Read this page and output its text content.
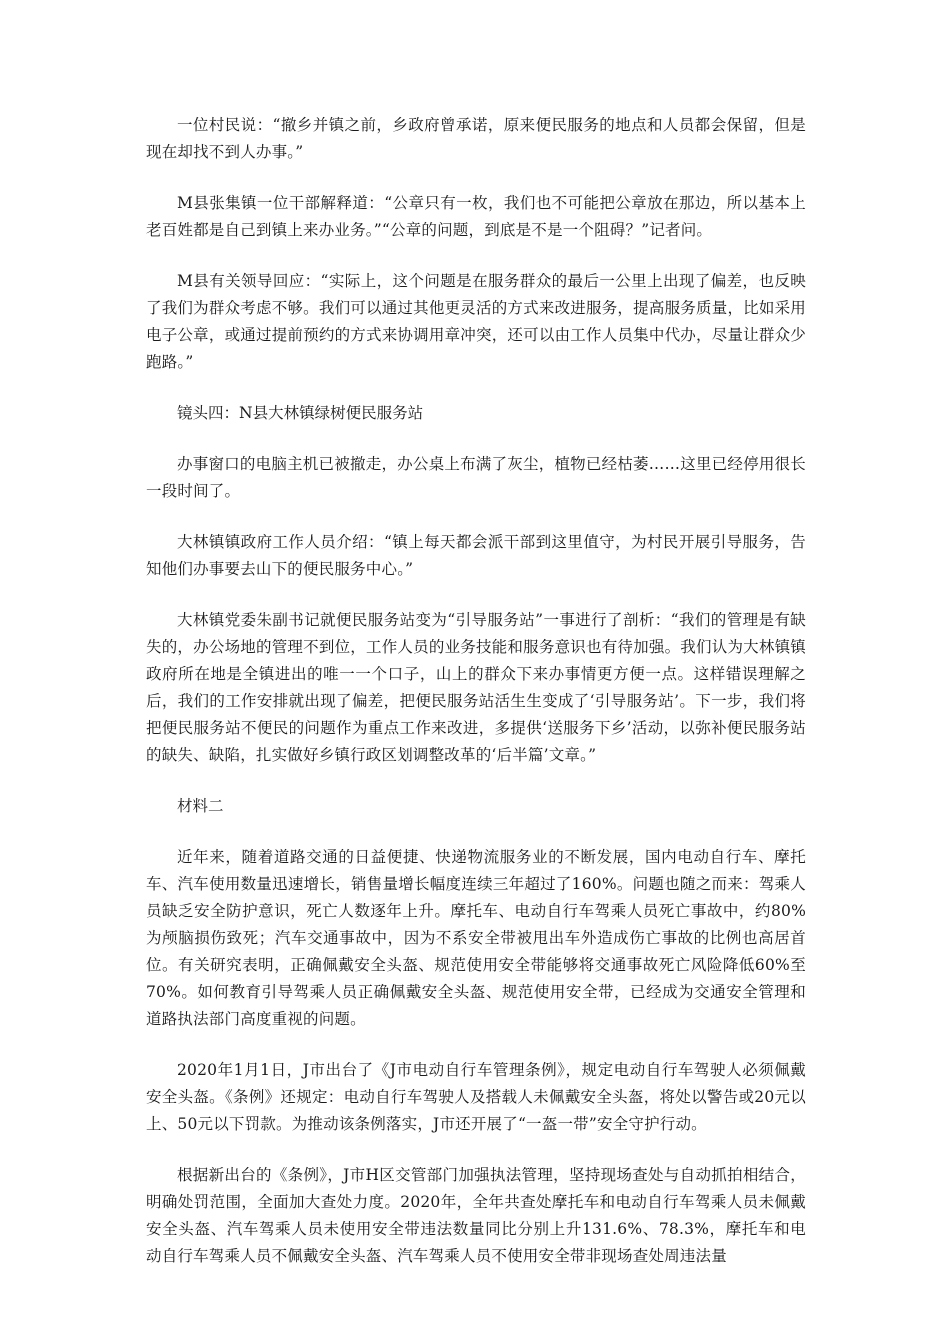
一位村民说：“撤乡并镇之前，乡政府曾承诺，原来便民服务的地点和人员都会保留，但是现在却找不到人办事。”

M县张集镇一位干部解释道：“公章只有一枚，我们也不可能把公章放在那边，所以基本上老百姓都是自己到镇上来办业务。”“公章的问题，到底是不是一个阻碍？”记者问。

M县有关领导回应：“实际上，这个问题是在服务群众的最后一公里上出现了偏差，也反映了我们为群众考虑不够。我们可以通过其他更灵活的方式来改进服务，提高服务质量，比如采用电子公章，或通过提前预约的方式来协调用章冲突，还可以由工作人员集中代办，尽量让群众少跑路。”

镜头四：N县大林镇绿树便民服务站

办事窗口的电脑主机已被撤走，办公桌上布满了灰尘，植物已经枯萎……这里已经停用很长一段时间了。

大林镇镇政府工作人员介绍：“镇上每天都会派干部到这里值守，为村民开展引导服务，告知他们办事要去山下的便民服务中心。”

大林镇党委朱副书记就便民服务站变为“引导服务站”一事进行了剖析：“我们的管理是有缺失的，办公场地的管理不到位，工作人员的业务技能和服务意识也有待加强。我们认为大林镇镇政府所在地是全镇进出的唯一一个口子，山上的群众下来办事情更方便一点。这样错误理解之后，我们的工作安排就出现了偏差，把便民服务站活生生变成了‘引导服务站’。下一步，我们将把便民服务站不便民的问题作为重点工作来改进，多提供‘送服务下乡’活动，以弥补便民服务站的缺失、缺陷，扎实做好乡镇行政区划调整改革的‘后半篇’文章。”

材料二

近年来，随着道路交通的日益便捷、快递物流服务业的不断发展，国内电动自行车、摩托车、汽车使用数量迅速增长，销售量增长幅度连续三年超过了160%。问题也随之而来：驾乘人员缺乏安全防护意识，死亡人数逐年上升。摩托车、电动自行车驾乘人员死亡事故中，约80%为颅脑损伤致死；汽车交通事故中，因为不系安全带被甩出车外造成伤亡事故的比例也高居首位。有关研究表明，正确佩戴安全头盔、规范使用安全带能够将交通事故死亡风险降低60%至70%。如何教育引导驾乘人员正确佩戴安全头盔、规范使用安全带，已经成为交通安全管理和道路执法部门高度重视的问题。

2020年1月1日，J市出台了《J市电动自行车管理条例》，规定电动自行车驾驶人必须佩戴安全头盔。《条例》还规定：电动自行车驾驶人及搭载人未佩戴安全头盔，将处以警告或20元以上、50元以下罚款。为推动该条例落实，J市还开展了“一盔一带”安全守护行动。

根据新出台的《条例》，J市H区交管部门加强执法管理，坚持现场查处与自动抓拍相结合，明确处罚范围，全面加大查处力度。2020年，全年共查处摩托车和电动自行车驾乘人员未佩戴安全头盔、汽车驾乘人员未使用安全带违法数量同比分别上升131.6%、78.3%，摩托车和电动自行车驾乘人员不佩戴安全头盔、汽车驾乘人员不使用安全带非现场查处周违法量
